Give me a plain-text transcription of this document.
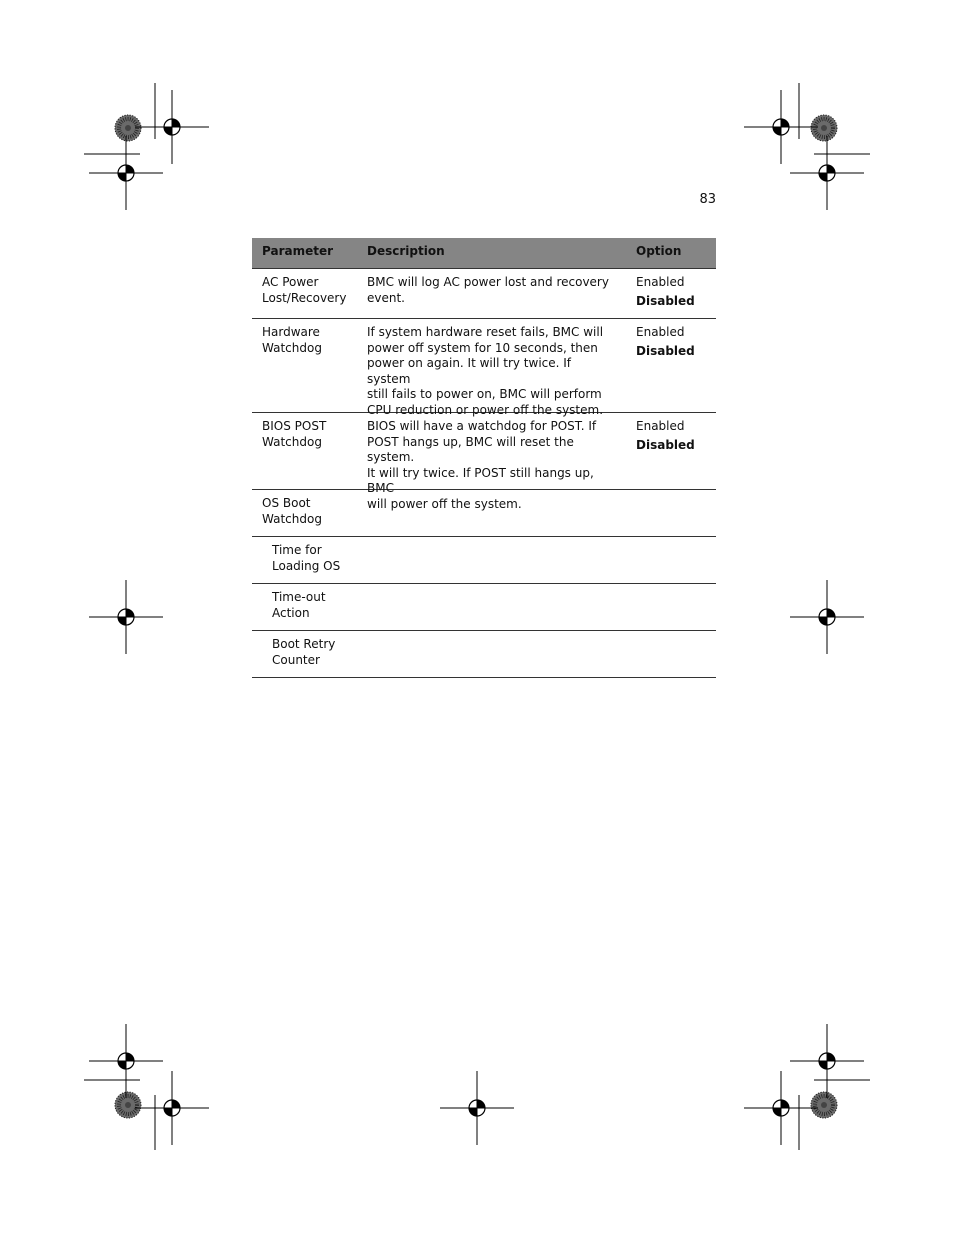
83
Parameter	Description	Option
AC Power
Lost/Recovery
BMC will log AC power lost and recovery
event.
Enabled
Disabled
Hardware
Watchdog
If system hardware reset fails, BMC will
power off system for 10 seconds, then
power on again. It will try twice. If system
still fails to power on, BMC will perform
CPU reduction or power off the system.
Enabled
Disabled
BIOS POST
Watchdog
BIOS will have a watchdog for POST. If
POST hangs up, BMC will reset the system.
It will try twice. If POST still hangs up, BMC
will power off the system.
Enabled
Disabled
OS Boot
Watchdog
Time for
Loading OS
Time-out
Action
Boot Retry
Counter
